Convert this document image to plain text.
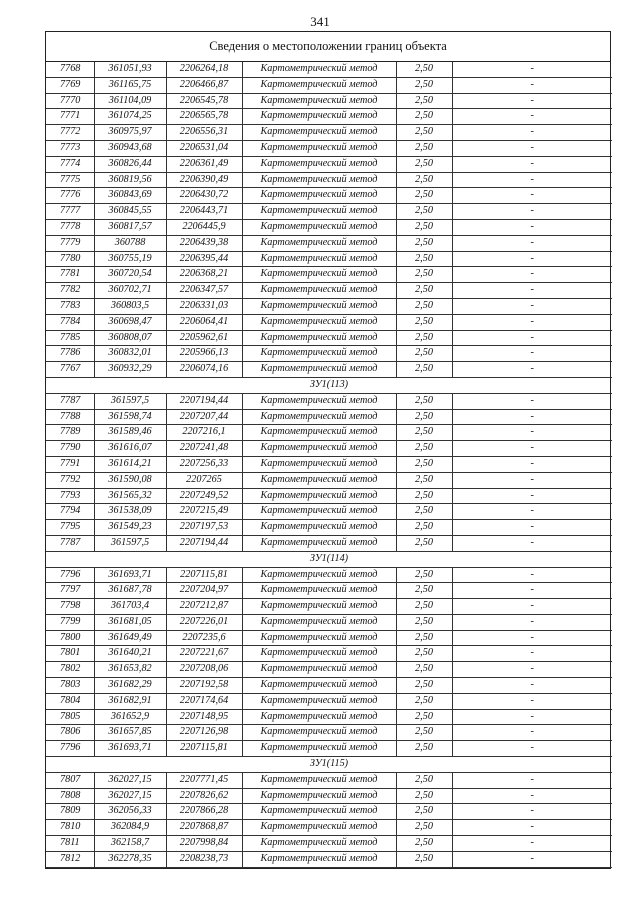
341
Сведения о местоположении границ объекта
7768	361051,93	2206264,18	Картометрический метод	2,50	-
7769	361165,75	2206466,87	Картометрический метод	2,50	-
7770	361104,09	2206545,78	Картометрический метод	2,50	-
7771	361074,25	2206565,78	Картометрический метод	2,50	-
7772	360975,97	2206556,31	Картометрический метод	2,50	-
7773	360943,68	2206531,04	Картометрический метод	2,50	-
7774	360826,44	2206361,49	Картометрический метод	2,50	-
7775	360819,56	2206390,49	Картометрический метод	2,50	-
7776	360843,69	2206430,72	Картометрический метод	2,50	-
7777	360845,55	2206443,71	Картометрический метод	2,50	-
7778	360817,57	2206445,9	Картометрический метод	2,50	-
7779	360788	2206439,38	Картометрический метод	2,50	-
7780	360755,19	2206395,44	Картометрический метод	2,50	-
7781	360720,54	2206368,21	Картометрический метод	2,50	-
7782	360702,71	2206347,57	Картометрический метод	2,50	-
7783	360803,5	2206331,03	Картометрический метод	2,50	-
7784	360698,47	2206064,41	Картометрический метод	2,50	-
7785	360808,07	2205962,61	Картометрический метод	2,50	-
7786	360832,01	2205966,13	Картометрический метод	2,50	-
7767	360932,29	2206074,16	Картометрический метод	2,50	-
ЗУ1(113)					
7787	361597,5	2207194,44	Картометрический метод	2,50	-
7788	361598,74	2207207,44	Картометрический метод	2,50	-
7789	361589,46	2207216,1	Картометрический метод	2,50	-
7790	361616,07	2207241,48	Картометрический метод	2,50	-
7791	361614,21	2207256,33	Картометрический метод	2,50	-
7792	361590,08	2207265	Картометрический метод	2,50	-
7793	361565,32	2207249,52	Картометрический метод	2,50	-
7794	361538,09	2207215,49	Картометрический метод	2,50	-
7795	361549,23	2207197,53	Картометрический метод	2,50	-
7787	361597,5	2207194,44	Картометрический метод	2,50	-
ЗУ1(114)					
7796	361693,71	2207115,81	Картометрический метод	2,50	-
7797	361687,78	2207204,97	Картометрический метод	2,50	-
7798	361703,4	2207212,87	Картометрический метод	2,50	-
7799	361681,05	2207226,01	Картометрический метод	2,50	-
7800	361649,49	2207235,6	Картометрический метод	2,50	-
7801	361640,21	2207221,67	Картометрический метод	2,50	-
7802	361653,82	2207208,06	Картометрический метод	2,50	-
7803	361682,29	2207192,58	Картометрический метод	2,50	-
7804	361682,91	2207174,64	Картометрический метод	2,50	-
7805	361652,9	2207148,95	Картометрический метод	2,50	-
7806	361657,85	2207126,98	Картометрический метод	2,50	-
7796	361693,71	2207115,81	Картометрический метод	2,50	-
ЗУ1(115)					
7807	362027,15	2207771,45	Картометрический метод	2,50	-
7808	362027,15	2207826,62	Картометрический метод	2,50	-
7809	362056,33	2207866,28	Картометрический метод	2,50	-
7810	362084,9	2207868,87	Картометрический метод	2,50	-
7811	362158,7	2207998,84	Картометрический метод	2,50	-
7812	362278,35	2208238,73	Картометрический метод	2,50	-
